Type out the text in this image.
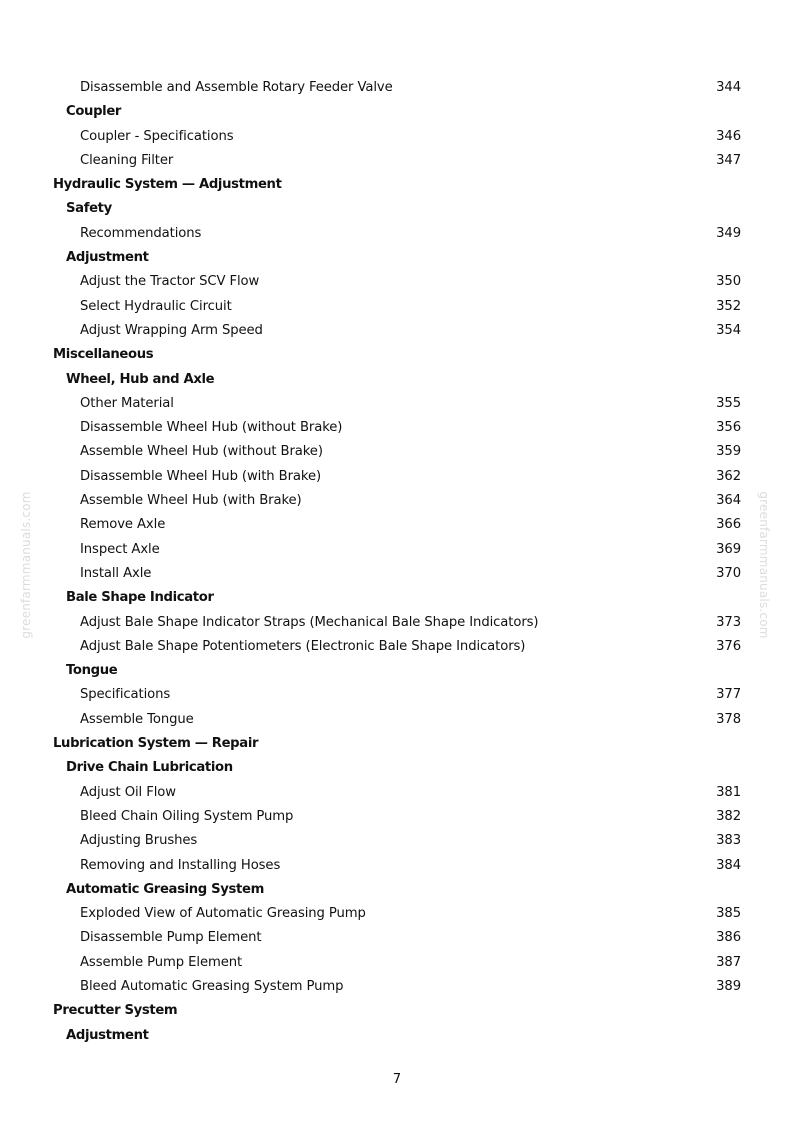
Disassemble and Assemble Rotary Feeder Valve	344
Coupler
Coupler - Specifications	346
Cleaning Filter	347
Hydraulic System — Adjustment
Safety
Recommendations	349
Adjustment
Adjust the Tractor SCV Flow	350
Select Hydraulic Circuit	352
Adjust Wrapping Arm Speed	354
Miscellaneous
Wheel, Hub and Axle
Other Material	355
Disassemble Wheel Hub (without Brake)	356
Assemble Wheel Hub (without Brake)	359
Disassemble Wheel Hub (with Brake)	362
Assemble Wheel Hub (with Brake)	364
Remove Axle	366
Inspect Axle	369
Install Axle	370
Bale Shape Indicator
Adjust Bale Shape Indicator Straps (Mechanical Bale Shape Indicators)	373
Adjust Bale Shape Potentiometers (Electronic Bale Shape Indicators)	376
Tongue
Specifications	377
Assemble Tongue	378
Lubrication System — Repair
Drive Chain Lubrication
Adjust Oil Flow	381
Bleed Chain Oiling System Pump	382
Adjusting Brushes	383
Removing and Installing Hoses	384
Automatic Greasing System
Exploded View of Automatic Greasing Pump	385
Disassemble Pump Element	386
Assemble Pump Element	387
Bleed Automatic Greasing System Pump	389
Precutter System
Adjustment
7
greenfarmmanuals.com	greenfarmmanuals.com
